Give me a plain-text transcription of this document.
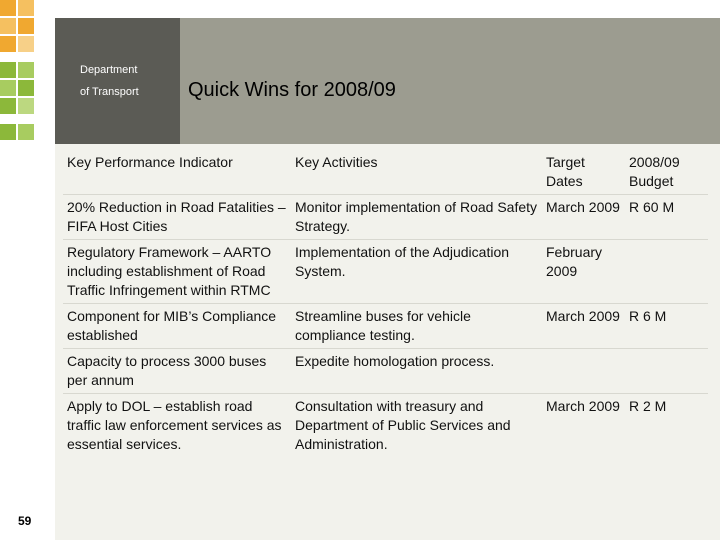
Department
of Transport Quick Wins for 2008/09
Key Performance Indicator	Key Activities	Target Dates	2008/09 Budget
20% Reduction in Road Fatalities – FIFA Host Cities	Monitor implementation of Road Safety Strategy.	March 2009	R 60 M
Regulatory Framework – AARTO including establishment of Road Traffic Infringement within RTMC	Implementation of the Adjudication System.	February 2009	
Component for MIB’s Compliance established	Streamline buses for vehicle compliance testing.	March 2009	R 6 M
Capacity to process 3000 buses per annum	Expedite homologation process.		
Apply to DOL – establish road traffic law enforcement services as essential services.	Consultation with treasury and Department of Public Services and Administration.	March 2009	R 2 M
59
